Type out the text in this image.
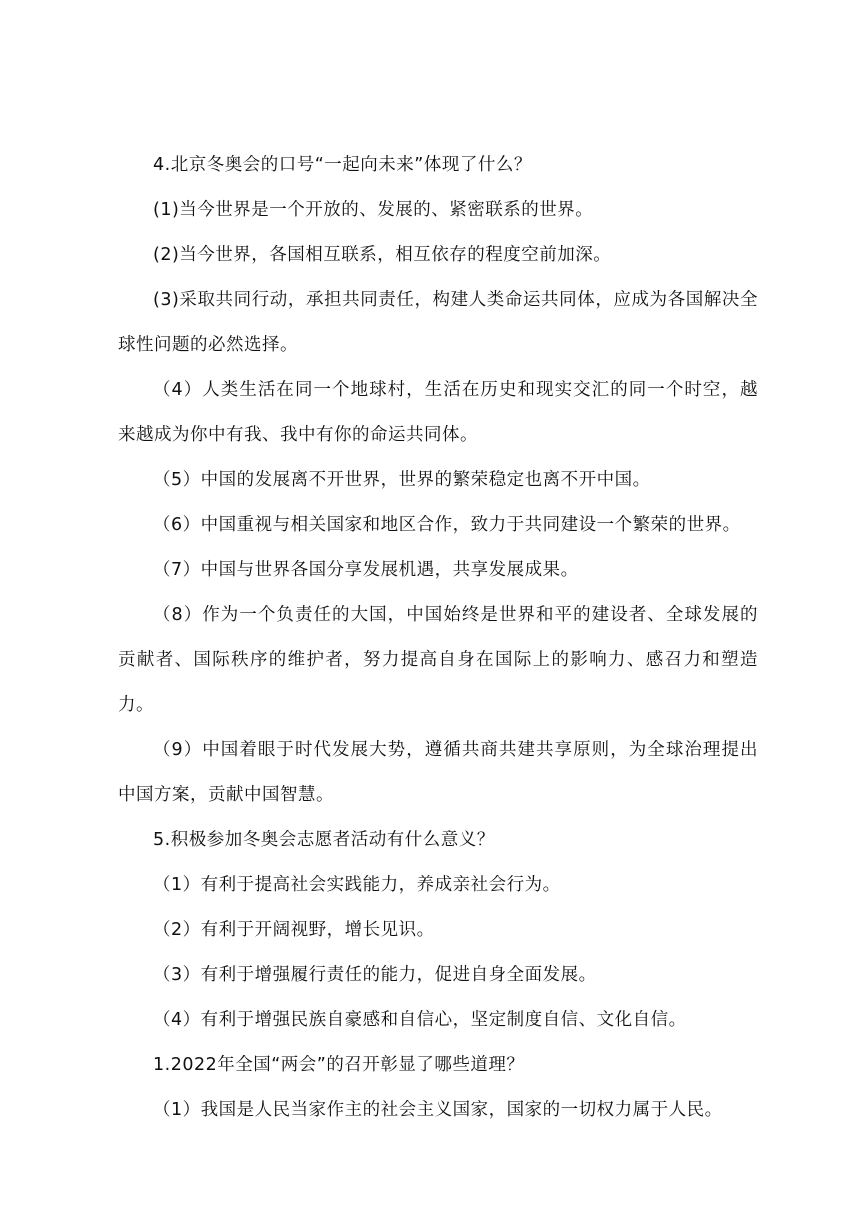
4.北京冬奥会的口号“一起向未来”体现了什么？

(1)当今世界是一个开放的、发展的、紧密联系的世界。

(2)当今世界，各国相互联系，相互依存的程度空前加深。

(3)采取共同行动，承担共同责任，构建人类命运共同体，应成为各国解决全球性问题的必然选择。

（4）人类生活在同一个地球村，生活在历史和现实交汇的同一个时空，越来越成为你中有我、我中有你的命运共同体。

（5）中国的发展离不开世界，世界的繁荣稳定也离不开中国。

（6）中国重视与相关国家和地区合作，致力于共同建设一个繁荣的世界。

（7）中国与世界各国分享发展机遇，共享发展成果。

（8）作为一个负责任的大国，中国始终是世界和平的建设者、全球发展的贡献者、国际秩序的维护者，努力提高自身在国际上的影响力、感召力和塑造力。

（9）中国着眼于时代发展大势，遵循共商共建共享原则，为全球治理提出中国方案，贡献中国智慧。

5.积极参加冬奥会志愿者活动有什么意义？

（1）有利于提高社会实践能力，养成亲社会行为。

（2）有利于开阔视野，增长见识。

（3）有利于增强履行责任的能力，促进自身全面发展。

（4）有利于增强民族自豪感和自信心，坚定制度自信、文化自信。

1.2022年全国“两会”的召开彰显了哪些道理？

（1）我国是人民当家作主的社会主义国家，国家的一切权力属于人民。
